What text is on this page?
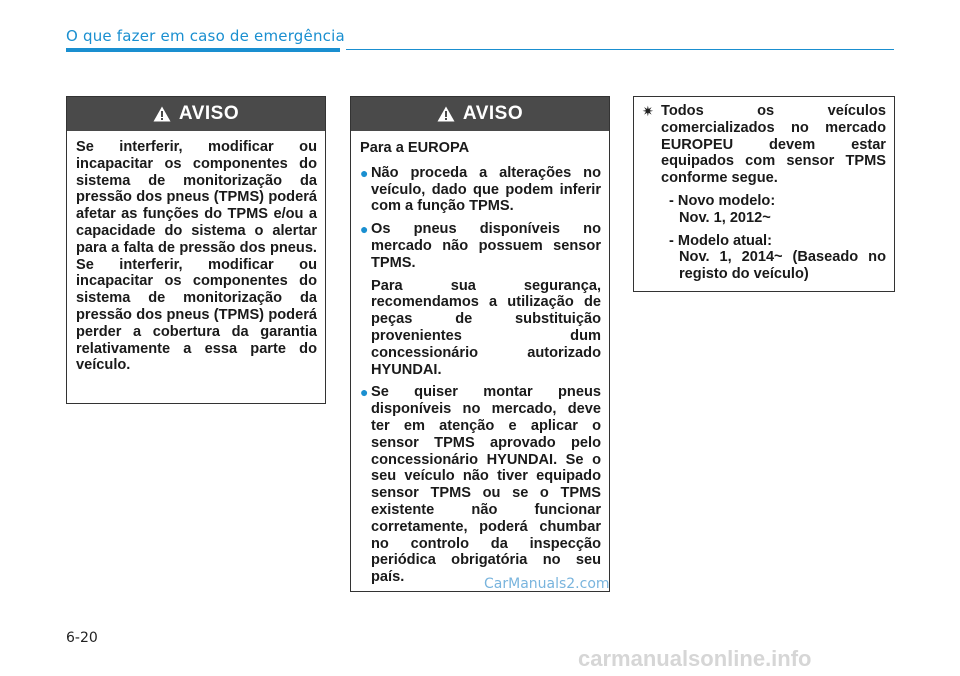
O que fazer em caso de emergência
AVISO
Se interferir, modificar ou incapacitar os componentes do sistema de monitorização da pressão dos pneus (TPMS) poderá afetar as funções do TPMS e/ou a capacidade do sistema o alertar para a falta de pressão dos pneus. Se interferir, modificar ou incapacitar os componentes do sistema de monitorização da pressão dos pneus (TPMS) poderá perder a cobertura da garantia relativamente a essa parte do veículo.
AVISO
Para a EUROPA
● Não proceda a alterações no veículo, dado que podem inferir com a função TPMS.
● Os pneus disponíveis no mercado não possuem sensor TPMS.
Para sua segurança, recomendamos a utilização de peças de substituição provenientes dum concessionário autorizado HYUNDAI.
● Se quiser montar pneus disponíveis no mercado, deve ter em atenção e aplicar o sensor TPMS aprovado pelo concessionário HYUNDAI. Se o seu veículo não tiver equipado sensor TPMS ou se o TPMS existente não funcionar corretamente, poderá chumbar no controlo da inspecção periódica obrigatória no seu país.
✷ Todos os veículos comercializados no mercado EUROPEU devem estar equipados com sensor TPMS conforme segue.
- Novo modelo:
Nov. 1, 2012~
- Modelo atual:
Nov. 1, 2014~ (Baseado no registo do veículo)
CarManuals2.com
6-20
carmanualsonline.info
